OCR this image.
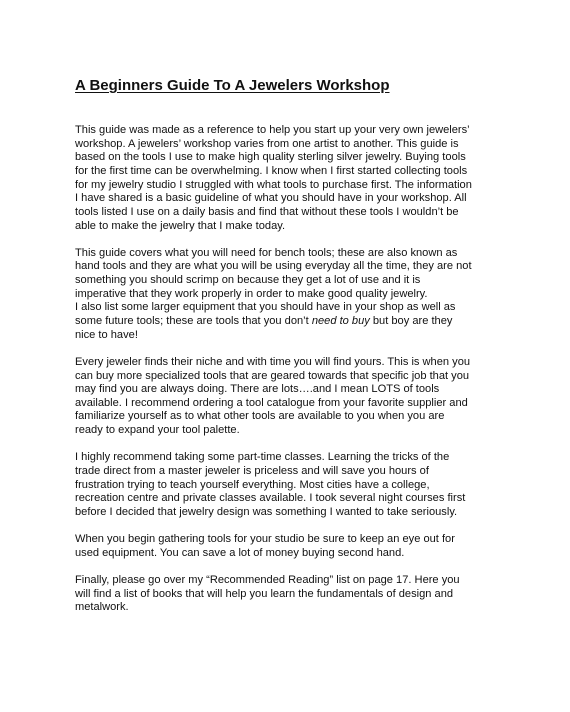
A Beginners Guide To A Jewelers Workshop

This guide was made as a reference to help you start up your very own jewelers’
workshop. A jewelers’ workshop varies from one artist to another. This guide is
based on the tools I use to make high quality sterling silver jewelry. Buying tools
for the first time can be overwhelming. I know when I first started collecting tools
for my jewelry studio I struggled with what tools to purchase first. The information
I have shared is a basic guideline of what you should have in your workshop. All
tools listed I use on a daily basis and find that without these tools I wouldn’t be
able to make the jewelry that I make today.

This guide covers what you will need for bench tools; these are also known as
hand tools and they are what you will be using everyday all the time, they are not
something you should scrimp on because they get a lot of use and it is
imperative that they work properly in order to make good quality jewelry.
I also list some larger equipment that you should have in your shop as well as
some future tools; these are tools that you don’t need to buy but boy are they
nice to have!

Every jeweler finds their niche and with time you will find yours. This is when you
can buy more specialized tools that are geared towards that specific job that you
may find you are always doing. There are lots….and I mean LOTS of tools
available. I recommend ordering a tool catalogue from your favorite supplier and
familiarize yourself as to what other tools are available to you when you are
ready to expand your tool palette.

I highly recommend taking some part-time classes. Learning the tricks of the
trade direct from a master jeweler is priceless and will save you hours of
frustration trying to teach yourself everything. Most cities have a college,
recreation centre and private classes available. I took several night courses first
before I decided that jewelry design was something I wanted to take seriously.

When you begin gathering tools for your studio be sure to keep an eye out for
used equipment. You can save a lot of money buying second hand.

Finally, please go over my “Recommended Reading” list on page 17. Here you
will find a list of books that will help you learn the fundamentals of design and
metalwork.
